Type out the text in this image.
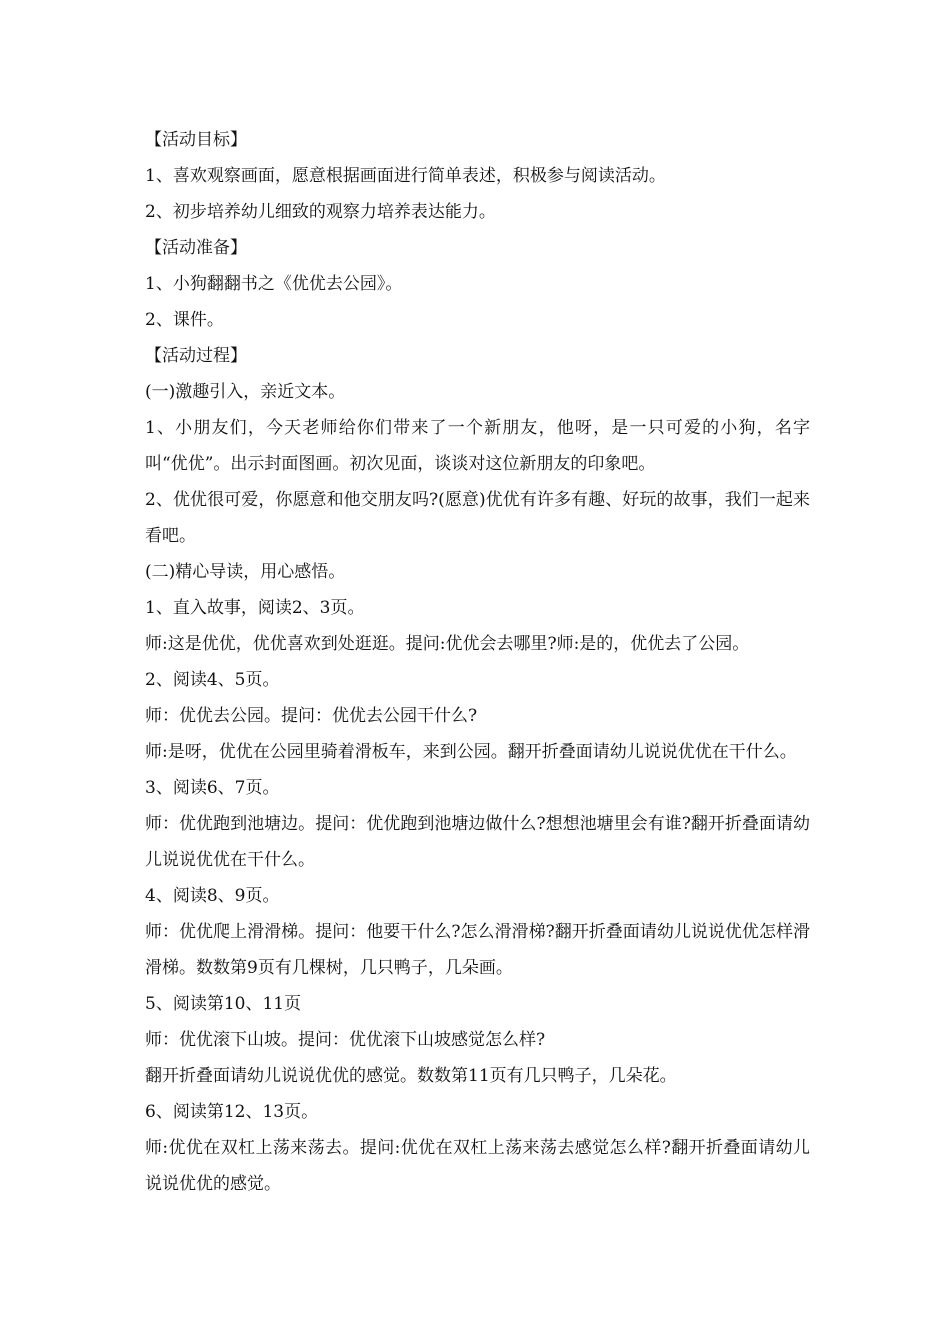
【活动目标】

1、喜欢观察画面，愿意根据画面进行简单表述，积极参与阅读活动。

2、初步培养幼儿细致的观察力培养表达能力。

【活动准备】

1、小狗翻翻书之《优优去公园》。

2、课件。

【活动过程】

(一)激趣引入，亲近文本。

1、小朋友们，今天老师给你们带来了一个新朋友，他呀，是一只可爱的小狗，名字叫“优优”。出示封面图画。初次见面，谈谈对这位新朋友的印象吧。

2、优优很可爱，你愿意和他交朋友吗?(愿意)优优有许多有趣、好玩的故事，我们一起来看吧。

(二)精心导读，用心感悟。

1、直入故事，阅读2、3页。

师:这是优优，优优喜欢到处逛逛。提问:优优会去哪里?师:是的，优优去了公园。

2、阅读4、5页。

师：优优去公园。提问：优优去公园干什么?

师:是呀，优优在公园里骑着滑板车，来到公园。翻开折叠面请幼儿说说优优在干什么。

3、阅读6、7页。

师：优优跑到池塘边。提问：优优跑到池塘边做什么?想想池塘里会有谁?翻开折叠面请幼儿说说优优在干什么。

4、阅读8、9页。

师：优优爬上滑滑梯。提问：他要干什么?怎么滑滑梯?翻开折叠面请幼儿说说优优怎样滑滑梯。数数第9页有几棵树，几只鸭子，几朵画。

5、阅读第10、11页

师：优优滚下山坡。提问：优优滚下山坡感觉怎么样?

翻开折叠面请幼儿说说优优的感觉。数数第11页有几只鸭子，几朵花。

6、阅读第12、13页。

师:优优在双杠上荡来荡去。提问:优优在双杠上荡来荡去感觉怎么样?翻开折叠面请幼儿说说优优的感觉。
